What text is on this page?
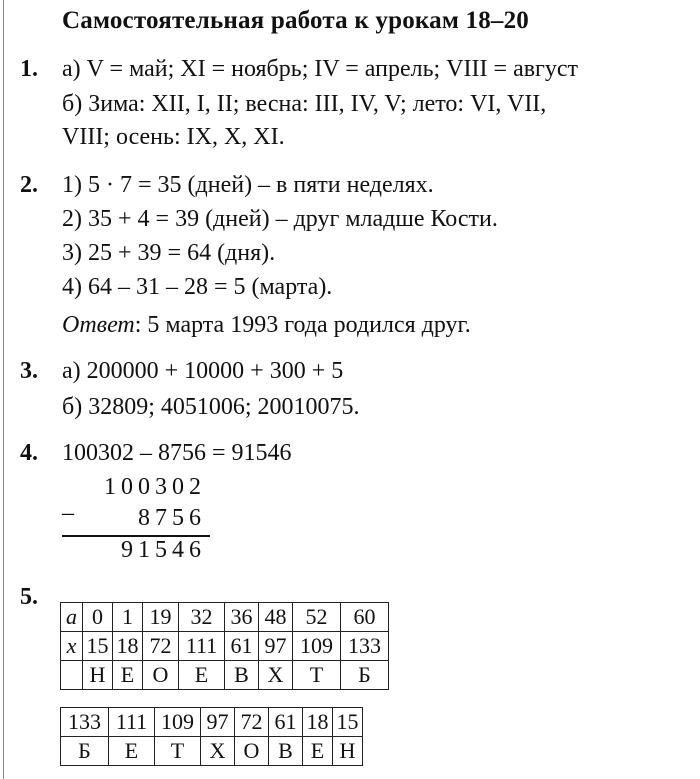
Самостоятельная работа к урокам 18–20
1. а) V = май; XI = ноябрь; IV = апрель; VIII = август
б) Зима: XII, I, II; весна: III, IV, V; лето: VI, VII,
VIII; осень: IX, X, XI.
2. 1) 5 · 7 = 35 (дней) – в пяти неделях.
2) 35 + 4 = 39 (дней) – друг младше Кости.
3) 25 + 39 = 64 (дня).
4) 64 – 31 – 28 = 5 (марта).
Ответ: 5 марта 1993 года родился друг.
3. а) 200000 + 10000 + 300 + 5
б) 32809; 4051006; 20010075.
4. 100302 – 8756 = 91546
100302
_	8756
91546
5.
a	0	1	19	32	36	48	52	60
x	15	18	72	111	61	97	109	133
	Н	Е	О	Е	В	Х	Т	Б
133	111	109	97	72	61	18	15
Б	Е	Т	Х	О	В	Е	Н
